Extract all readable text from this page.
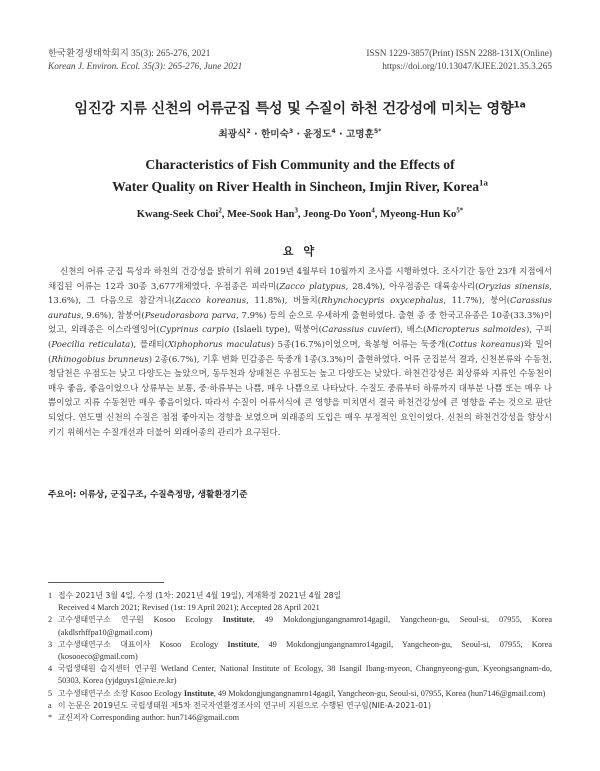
한국환경생태학회지 35(3): 265-276, 2021
Korean J. Environ. Ecol. 35(3): 265-276, June 2021
ISSN 1229-3857(Print) ISSN 2288-131X(Online)
https://doi.org/10.13047/KJEE.2021.35.3.265
임진강 지류 신천의 어류군집 특성 및 수질이 하천 건강성에 미치는 영향$^{1a}$
최광식$^2$ · 한미숙$^3$ · 윤정도$^4$ · 고명훈$^{5*}$
Characteristics of Fish Community and the Effects of
Water Quality on River Health in Sincheon, Imjin River, Korea$^{1a}$
Kwang-Seek Choi$^2$, Mee-Sook Han$^3$, Jeong-Do Yoon$^4$, Myeong-Hun $Ko^{5*}$
요 약
신천의 어류 군집 특성과 하천의 건강성을 밝히기 위해 2019년 4월부터 10월까지 조사를 시행하였다. 조사기간 동안 23개 지점에서 채집된 어류는 12과 30종 3,677개체였다. 우점종은 피라미(Zacco platypus, 28.4%), 아우점종은 대륙송사리(Oryzias sinensis, 13.6%), 그 다음으로 참갈겨니(Zacco koreanus, 11.8%), 버들치(Rhynchocypris oxycephalus, 11.7%), 붕어(Carassius auratus, 9.6%), 참붕어(Pseudorasbora parva, 7.9%) 등의 순으로 우세하게 출현하였다. 출현 종 중 한국고유종은 10종(33.3%)이었고, 외래종은 이스라엘잉어(Cyprinus carpio (Islaeli type), 떡붕어(Carassius cuvieri), 배스(Micropterus salmoides), 구피(Poecilia reticulata), 플래티(Xiphophorus maculatus) 5종(16.7%)이었으며, 육봉형 어류는 둑중개(Cottus koreanus)와 밀어(Rhinogobius brunneus) 2종(6.7%), 기후 변화 민감종은 둑중개 1종(3.3%)이 출현하였다. 어류 군집분석 결과, 신천본류와 수동천, 청담천은 우점도는 낮고 다양도는 높았으며, 동두천과 상패천은 우점도는 높고 다양도는 낮았다. 하천건강성은 최상류와 지류인 수동천이 매우 좋음, 좋음이었으나 상류부는 보통, 중·하류부는 나쁨, 매우 나쁨으로 나타났다. 수질도 중류부터 하류까지 대부분 나쁨 또는 매우 나쁨이었고 지류 수동천만 매우 좋음이었다. 따라서 수질이 어류서식에 큰 영향을 미치면서 결국 하천건강성에 큰 영향을 주는 것으로 판단되었다. 연도별 신천의 수질은 점점 좋아지는 경향을 보였으며 외래종의 도입은 매우 부정적인 요인이었다. 신천의 하천건강성을 향상시키기 위해서는 수질개선과 더불어 외래어종의 관리가 요구된다.
주요어: 어류상, 군집구조, 수질측정망, 생활환경기준
1 접수 2021년 3월 4일, 수정 (1차: 2021년 4월 19일), 게재확정 2021년 4월 28일
Received 4 March 2021; Revised (1st: 19 April 2021); Accepted 28 April 2021
2 고수생태연구소 연구원 Kosoo Ecology Institute, 49 Mokdongjungangnamro14gagil, Yangcheon-gu, Seoul-si, 07955, Korea (akdlsrhffpa10@gmail.com)
3 고수생태연구소 대표이사 Kosoo Ecology Institute, 49 Mokdongjungangnamro14gagil, Yangcheon-gu, Seoul-si, 07955, Korea (kosooeco@gmail.com)
4 국립생태원 습지센터 연구원 Wetland Center, National Institute of Ecology, 38 Isangil Ibang-myeon, Changnyeong-gun, Kyeongsangnam-do, 50303, Korea (yjdguys1@nie.re.kr)
5 고수생태연구소 소장 Kosoo Ecology Institute, 49 Mokdongjungangnamro14gagil, Yangcheon-gu, Seoul-si, 07955, Korea (hun7146@gmail.com)
a 이 논문은 2019년도 국립생태원 제5차 전국자연환경조사의 연구비 지원으로 수행된 연구임(NIE-A-2021-01)
* 교신저자 Corresponding author: hun7146@gmail.com
